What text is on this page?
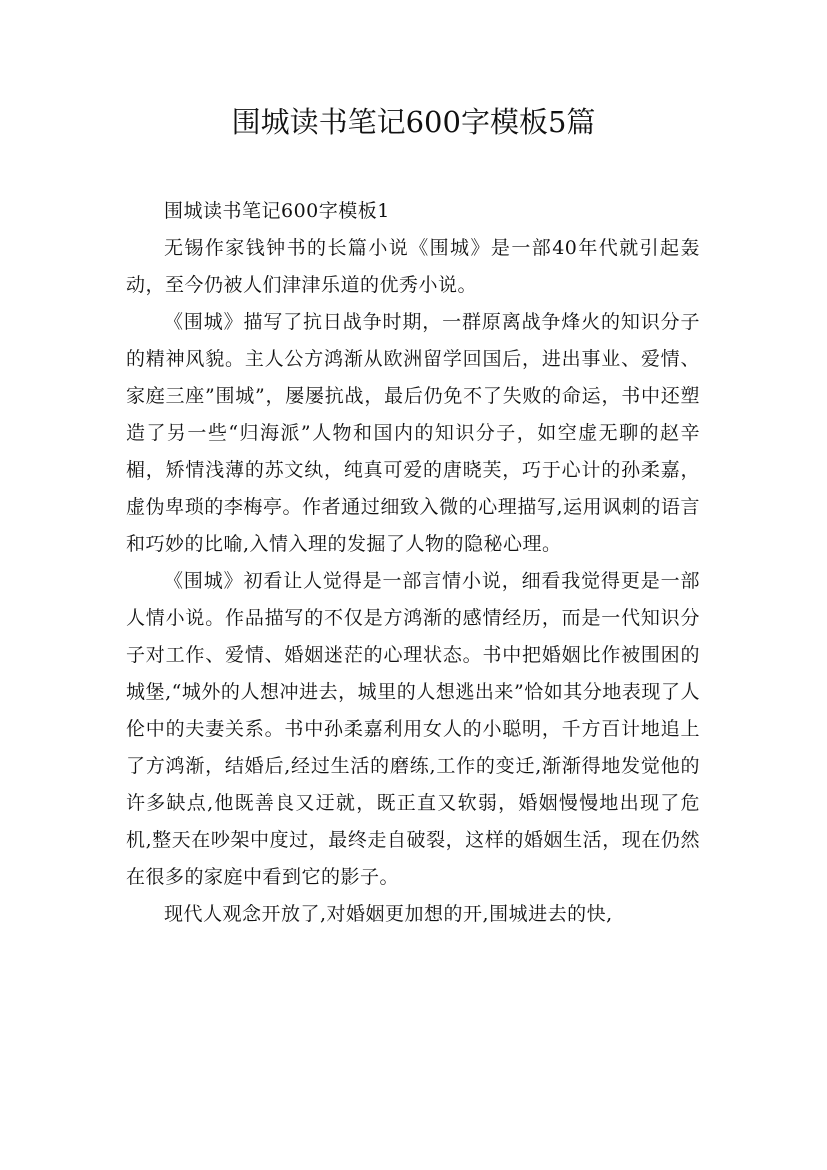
围城读书笔记600字模板5篇

围城读书笔记600字模板1

无锡作家钱钟书的长篇小说《围城》是一部40年代就引起轰动，至今仍被人们津津乐道的优秀小说。

《围城》描写了抗日战争时期，一群原离战争烽火的知识分子的精神风貌。主人公方鸿渐从欧洲留学回国后，进出事业、爱情、家庭三座”围城”，屡屡抗战，最后仍免不了失败的命运，书中还塑造了另一些“归海派”人物和国内的知识分子，如空虚无聊的赵辛楣，矫情浅薄的苏文纨，纯真可爱的唐晓芙，巧于心计的孙柔嘉，虚伪卑琐的李梅亭。作者通过细致入微的心理描写,运用讽刺的语言和巧妙的比喻,入情入理的发掘了人物的隐秘心理。

《围城》初看让人觉得是一部言情小说，细看我觉得更是一部人情小说。作品描写的不仅是方鸿渐的感情经历，而是一代知识分子对工作、爱情、婚姻迷茫的心理状态。书中把婚姻比作被围困的城堡,“城外的人想冲进去，城里的人想逃出来”恰如其分地表现了人伦中的夫妻关系。书中孙柔嘉利用女人的小聪明，千方百计地追上了方鸿渐，结婚后,经过生活的磨练,工作的变迁,渐渐得地发觉他的许多缺点,他既善良又迂就，既正直又软弱，婚姻慢慢地出现了危机,整天在吵架中度过，最终走自破裂，这样的婚姻生活，现在仍然在很多的家庭中看到它的影子。

现代人观念开放了,对婚姻更加想的开,围城进去的快,
